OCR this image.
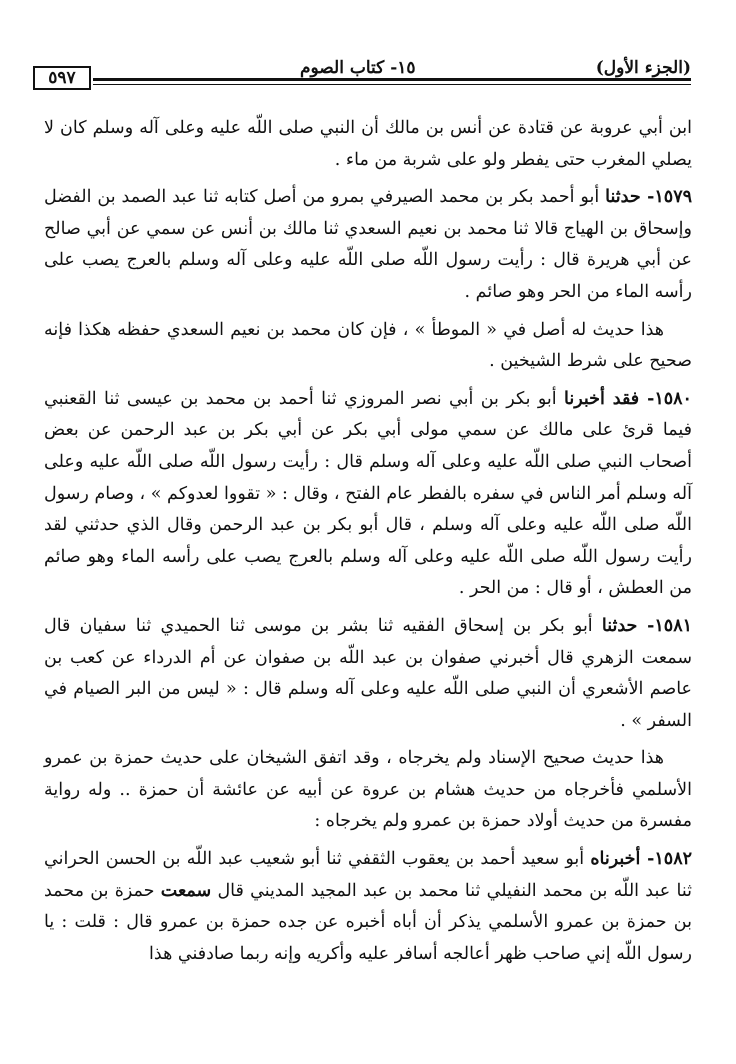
(الجزء الأول)
١٥- كتاب الصوم
٥٩٧

ابن أبي عروبة عن قتادة عن أنس بن مالك أن النبي صلى اللّه عليه وعلى آله وسلم كان لا يصلي المغرب حتى يفطر ولو على شربة من ماء .

١٥٧٩- حدثنا أبو أحمد بكر بن محمد الصيرفي بمرو من أصل كتابه ثنا عبد الصمد بن الفضل وإسحاق بن الهياج قالا ثنا محمد بن نعيم السعدي ثنا مالك بن أنس عن سمي عن أبي صالح عن أبي هريرة قال : رأيت رسول اللّه صلى اللّه عليه وعلى آله وسلم بالعرج يصب على رأسه الماء من الحر وهو صائم .

هذا حديث له أصل في « الموطأ » ، فإن كان محمد بن نعيم السعدي حفظه هكذا فإنه صحيح على شرط الشيخين .

١٥٨٠- فقد أخبرنا أبو بكر بن أبي نصر المروزي ثنا أحمد بن محمد بن عيسى ثنا القعنبي فيما قرئ على مالك عن سمي مولى أبي بكر عن أبي بكر بن عبد الرحمن عن بعض أصحاب النبي صلى اللّه عليه وعلى آله وسلم قال : رأيت رسول اللّه صلى اللّه عليه وعلى آله وسلم أمر الناس في سفره بالفطر عام الفتح ، وقال : « تقووا لعدوكم » ، وصام رسول اللّه صلى اللّه عليه وعلى آله وسلم ، قال أبو بكر بن عبد الرحمن وقال الذي حدثني لقد رأيت رسول اللّه صلى اللّه عليه وعلى آله وسلم بالعرج يصب على رأسه الماء وهو صائم من العطش ، أو قال : من الحر .

١٥٨١- حدثنا أبو بكر بن إسحاق الفقيه ثنا بشر بن موسى ثنا الحميدي ثنا سفيان قال سمعت الزهري قال أخبرني صفوان بن عبد اللّه بن صفوان عن أم الدرداء عن كعب بن عاصم الأشعري أن النبي صلى اللّه عليه وعلى آله وسلم قال : « ليس من البر الصيام في السفر » .

هذا حديث صحيح الإسناد ولم يخرجاه ، وقد اتفق الشيخان على حديث حمزة بن عمرو الأسلمي فأخرجاه من حديث هشام بن عروة عن أبيه عن عائشة أن حمزة .. وله رواية مفسرة من حديث أولاد حمزة بن عمرو ولم يخرجاه :

١٥٨٢- أخبرناه أبو سعيد أحمد بن يعقوب الثقفي ثنا أبو شعيب عبد اللّه بن الحسن الحراني ثنا عبد اللّه بن محمد النفيلي ثنا محمد بن عبد المجيد المديني قال سمعت حمزة بن محمد بن حمزة بن عمرو الأسلمي يذكر أن أباه أخبره عن جده حمزة بن عمرو قال : قلت : يا رسول اللّه إني صاحب ظهر أعالجه أسافر عليه وأكريه وإنه ربما صادفني هذا
